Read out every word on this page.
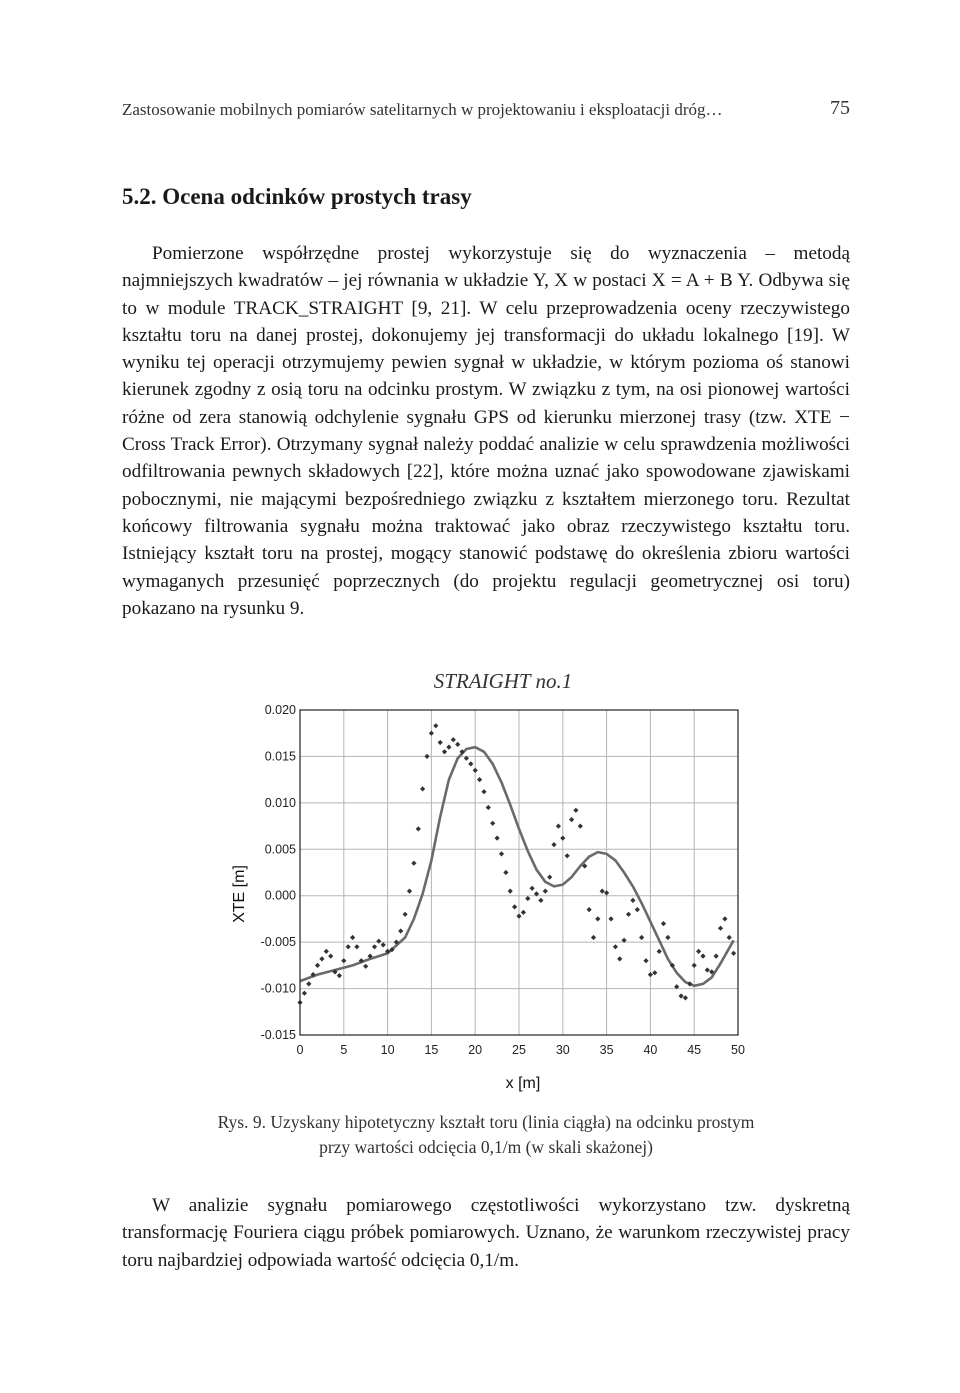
Zastosowanie mobilnych pomiarów satelitarnych w projektowaniu i eksploatacji dróg…	75
5.2. Ocena odcinków prostych trasy

Pomierzone współrzędne prostej wykorzystuje się do wyznaczenia – metodą najmniejszych kwadratów – jej równania w układzie Y, X w postaci X = A + B Y. Odbywa się to w module TRACK_STRAIGHT [9, 21]. W celu przeprowadzenia oceny rzeczywistego kształtu toru na danej prostej, dokonujemy jej transformacji do układu lokalnego [19]. W wyniku tej operacji otrzymujemy pewien sygnał w układzie, w którym pozioma oś stanowi kierunek zgodny z osią toru na odcinku prostym. W związku z tym, na osi pionowej wartości różne od zera stanowią odchylenie sygnału GPS od kierunku mierzonej trasy (tzw. XTE − Cross Track Error). Otrzymany sygnał należy poddać analizie w celu sprawdzenia możliwości odfiltrowania pewnych składowych [22], które można uznać jako spowodowane zjawiskami pobocznymi, nie mającymi bezpośredniego związku z kształtem mierzonego toru. Rezultat końcowy filtrowania sygnału można traktować jako obraz rzeczywistego kształtu toru. Istniejący kształt toru na prostej, mogący stanowić podstawę do określenia zbioru wartości wymaganych przesunięć poprzecznych (do projektu regulacji geometrycznej osi toru) pokazano na rysunku 9.

STRAIGHT no.1
0.020
0.015
0.010
0.005
0.000
-0.005
-0.010
-0.015
0	5	10 15 20 25 30 35 40 45 50
XTE [m]
x [m]

Rys. 9. Uzyskany hipotetyczny kształt toru (linia ciągła) na odcinku prostym
przy wartości odcięcia 0,1/m (w skali skażonej)

W analizie sygnału pomiarowego częstotliwości wykorzystano tzw. dyskretną transformację Fouriera ciągu próbek pomiarowych. Uznano, że warunkom rzeczywistej pracy toru najbardziej odpowiada wartość odcięcia 0,1/m.
